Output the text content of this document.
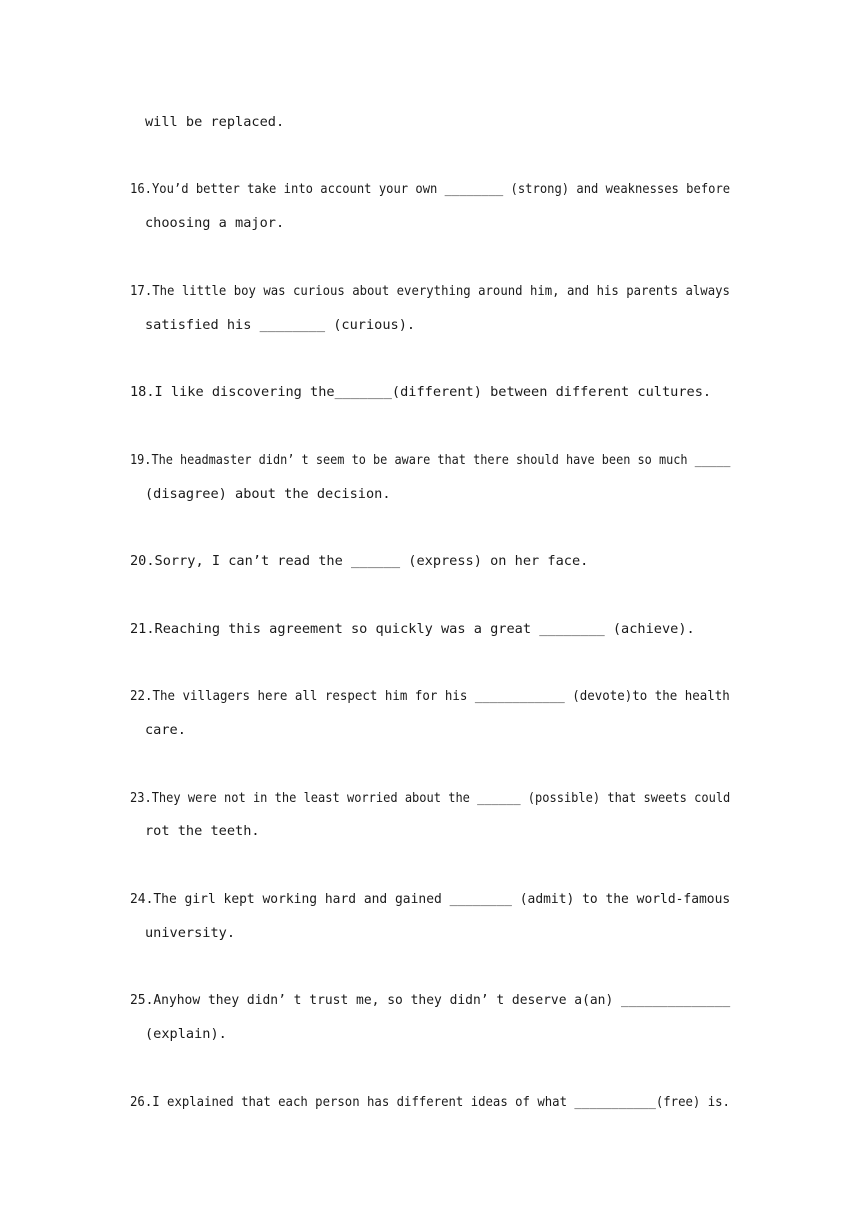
will be replaced.
16.You’d better take into account your own ________ (strong) and weaknesses before
choosing a major.
17.The little boy was curious about everything around him, and his parents always
satisfied his ________ (curious).
18.I like discovering the_______(different) between different cultures.
19.The headmaster didn’ t seem to be aware that there should have been so much _____
(disagree) about the decision.
20.Sorry, I can’t read the ______ (express) on her face.
21.Reaching this agreement so quickly was a great ________ (achieve).
22.The villagers here all respect him for his ____________ (devote)to the health
care.
23.They were not in the least worried about the ______ (possible) that sweets could
rot the teeth.
24.The girl kept working hard and gained ________ (admit) to the world-famous
university.
25.Anyhow they didn’ t trust me, so they didn’ t deserve a(an) ______________
(explain).
26.I explained that each person has different ideas of what ___________(free) is.
